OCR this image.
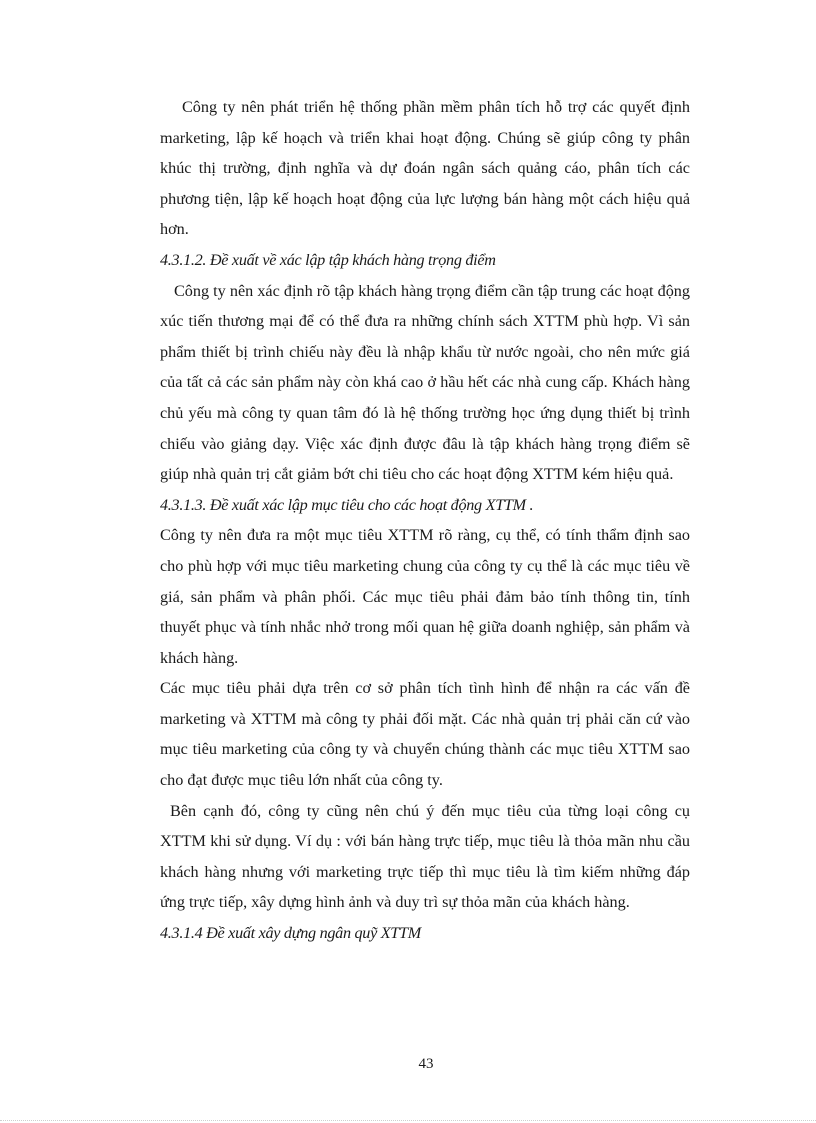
Công ty nên phát triển hệ thống phần mềm phân tích hỗ trợ các quyết định marketing, lập kế hoạch và triển khai hoạt động. Chúng sẽ giúp công ty phân khúc thị trường, định nghĩa và dự đoán ngân sách quảng cáo, phân tích các phương tiện, lập kế hoạch hoạt động của lực lượng bán hàng một cách hiệu quả hơn.

4.3.1.2. Đề xuất về xác lập tập khách hàng trọng điểm

Công ty nên xác định rõ tập khách hàng trọng điểm cần tập trung các hoạt động xúc tiến thương mại để có thể đưa ra những chính sách XTTM phù hợp. Vì sản phẩm thiết bị trình chiếu này đều là nhập khẩu từ nước ngoài, cho nên mức giá của tất cả các sản phẩm này còn khá cao ở hầu hết các nhà cung cấp. Khách hàng chủ yếu mà công ty quan tâm đó là hệ thống trường học ứng dụng thiết bị trình chiếu vào giảng dạy. Việc xác định được đâu là tập khách hàng trọng điểm sẽ giúp nhà quản trị cắt giảm bớt chi tiêu cho các hoạt động XTTM kém hiệu quả.

4.3.1.3. Đề xuất xác lập mục tiêu cho các hoạt động XTTM .

Công ty nên đưa ra một mục tiêu XTTM rõ ràng, cụ thể, có tính thẩm định sao cho phù hợp với mục tiêu marketing chung của công ty cụ thể là các mục tiêu về giá, sản phẩm và phân phối. Các mục tiêu phải đảm bảo tính thông tin, tính thuyết phục và tính nhắc nhở trong mối quan hệ giữa doanh nghiệp, sản phẩm và khách hàng.

Các mục tiêu phải dựa trên cơ sở phân tích tình hình để nhận ra các vấn đề marketing và XTTM mà công ty phải đối mặt. Các nhà quản trị phải căn cứ vào mục tiêu marketing của công ty và chuyển chúng thành các mục tiêu XTTM sao cho đạt được mục tiêu lớn nhất của công ty.

Bên cạnh đó, công ty cũng nên chú ý đến mục tiêu của từng loại công cụ XTTM khi sử dụng. Ví dụ : với bán hàng trực tiếp, mục tiêu là thỏa mãn nhu cầu khách hàng nhưng với marketing trực tiếp thì mục tiêu là tìm kiếm những đáp ứng trực tiếp, xây dựng hình ảnh và duy trì sự thỏa mãn của khách hàng.

4.3.1.4 Đề xuất xây dựng ngân quỹ XTTM

43
